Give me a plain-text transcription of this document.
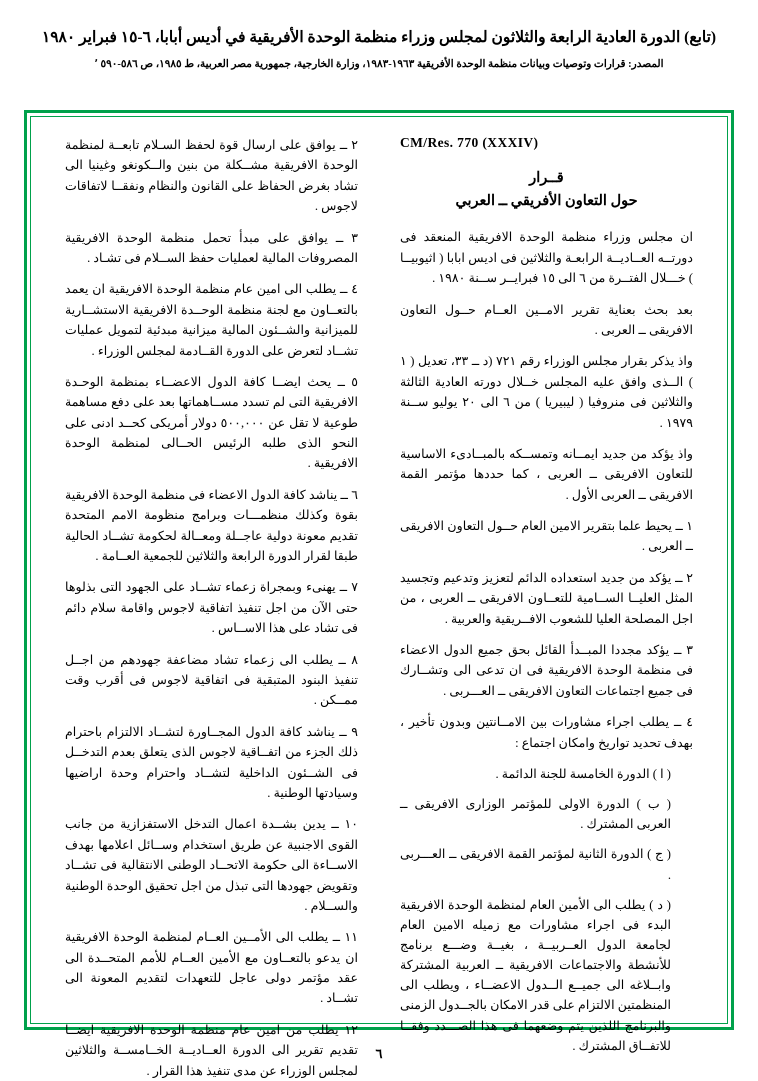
(تابع) الدورة العادية الرابعة والثلاثون لمجلس وزراء منظمة الوحدة الأفريقية في أديس أبابا، ٦-١٥ فبراير ١٩٨٠
المصدر: ‏قرارات وتوصيات وبيانات منظمة الوحدة الأفريقية ١٩٦٣-١٩٨٣، وزارة الخارجية، جمهورية مصر العربية، ط ١٩٨٥، ص ٥٨٦-٥٩٠ ٬
CM/Res. 770 (XXXIV)
قــرار
حول التعاون الأفريقي ــ العربي

ان مجلس وزراء منظمة الوحدة الافريقية المنعقد فى دورتــه العــاديــة الرابعـة والثلاثين فى اديس ابابا ( اثيوبيــا ) خـــلال الفتــرة من ٦ الى ١٥ فبرايــر ســنة ١٩٨٠ .

بعد بحث بعناية تقرير الامــين العــام حــول التعاون الافريقى ــ العربى .

واذ يذكر بقرار مجلس الوزراء رقم ٧٢١ (د ــ ٣٣، تعديل ( ١ ) الــذى وافق عليه المجلس خــلال دورته العادية الثالثة والثلاثين فى منروفيا ( ليبيريا ) من ٦ الى ٢٠ يوليو ســنة ١٩٧٩ .

واذ يؤكد من جديد ايمــانه وتمســكه بالمبــادىء الاساسية للتعاون الافريقى ــ العربى ، كما حددها مؤتمر القمة الافريقى ــ العربى الأول .

١ ــ يحيط علما بتقرير الامين العام حــول التعاون الافريقى ــ العربى .

٢ ــ يؤكد من جديد استعداده الدائم لتعزيز وتدعيم وتجسيد المثل العليــا الســامية للتعــاون الافريقى ــ العربى ، من اجل المصلحة العليا للشعوب الافــريقية والعربية .

٣ ــ يؤكد مجددا المبــدأ القائل بحق جميع الدول الاعضاء فى منظمة الوحدة الافريقية فى ان تدعى الى وتشــارك فى جميع اجتماعات التعاون الافريقى ــ العـــربى .

٤ ــ يطلب اجراء مشاورات بين الامــانتين وبدون تأخير ، بهدف تحديد تواريخ وامكان اجتماع :

( ا ) الدورة الخامسة للجنة الدائمة .

( ب ) الدورة الاولى للمؤتمر الوزارى الافريقى ــ العربى المشترك .

( ج ) الدورة الثانية لمؤتمر القمة الافريقى ــ العـــربى .

( د ) يطلب الى الأمين العام لمنظمة الوحدة الافريقية البدء فى اجراء مشاورات مع زميله الامين العام لجامعة الدول العــربيــة ، بغيــة وضـــع برنامج للأنشطة والاجتماعات الافريقية ــ العربية المشتركة وابــلاغه الى جميــع الــدول الاعضــاء ، ويطلب الى المنظمتين الالتزام على قدر الامكان بالجــدول الزمنى والبرنامج اللذين يتم وضعهما فى هذا الصـــدد وفقــا للاتفــاق المشترك .

٢ ــ يوافق على ارسال قوة لحفظ السـلام تابعــة لمنظمة الوحدة الافريقية مشــكلة من بنين والــكونغو وغينيا الى تشاد بغرض الحفاظ على القانون والنظام ونفقــا لاتفاقات لاجوس .

٣ ــ يوافق على مبدأ تحمل منظمة الوحدة الافريقية المصروفات المالية لعمليات حفظ الســلام فى تشـاد .

٤ ــ يطلب الى امين عام منظمة الوحدة الافريقية ان يعمد بالتعــاون مع لجنة منظمة الوحــدة الافريقية الاستشــارية للميزانية والشــئون المالية ميزانية مبدئية لتمويل عمليات تشــاد لتعرض على الدورة القــادمة لمجلس الوزراء .

٥ ــ يحث ايضــا كافة الدول الاعضــاء بمنظمة الوحـدة الافريقية التى لم تسدد مســاهماتها بعد على دفع مساهمة طوعية لا تقل عن ٥٠٠,٠٠٠ دولار أمريكى كحــد ادنى على النحو الذى طلبه الرئيس الحــالى لمنظمة الوحدة الافريقية .

٦ ــ يناشد كافة الدول الاعضاء فى منظمة الوحدة الافريقية بقوة وكذلك منظمـــات وبرامج منظومة الامم المتحدة تقديم معونة دولية عاجــلة ومعــالة لحكومة تشــاد الحالية طبقا لقرار الدورة الرابعة والثلاثين للجمعية العــامة .

٧ ــ يهنىء وبمجراة زعماء تشــاد على الجهود التى بذلوها حتى الآن من اجل تنفيذ اتفاقية لاجوس واقامة سلام دائم فى تشاد على هذا الاســاس .

٨ ــ يطلب الى زعماء تشاد مضاعفة جهودهم من اجــل تنفيذ البنود المتبقية فى اتفاقية لاجوس فى أقرب وقت ممــكن .

٩ ــ يناشد كافة الدول المجــاورة لتشــاد الالتزام باحترام ذلك الجزء من اتفــاقية لاجوس الذى يتعلق بعدم التدخــل فى الشــئون الداخلية لتشــاد واحترام وحدة اراضيها وسيادتها الوطنية .

١٠ ــ يدين بشــدة اعمال التدخل الاستفزازية من جانب القوى الاجنبية عن طريق استخدام وســائل اعلامها بهدف الاســاءة الى حكومة الاتحــاد الوطنى الانتقالية فى تشــاد وتقويض جهودها التى تبذل من اجل تحقيق الوحدة الوطنية والســلام .

١١ ــ يطلب الى الأمــين العــام لمنظمة الوحدة الافريقية ان يدعو بالتعــاون مع الأمين العــام للأمم المتحــدة الى عقد مؤتمر دولى عاجل للتعهدات لتقديم المعونة الى تشــاد .

١٢ يطلب من امين عام منظمة الوحدة الافريقية ايضــا تقديم تقرير الى الدورة العــاديــة الخــامســة والثلاثين لمجلس الوزراء عن مدى تنفيذ هذا القرار .

٦
